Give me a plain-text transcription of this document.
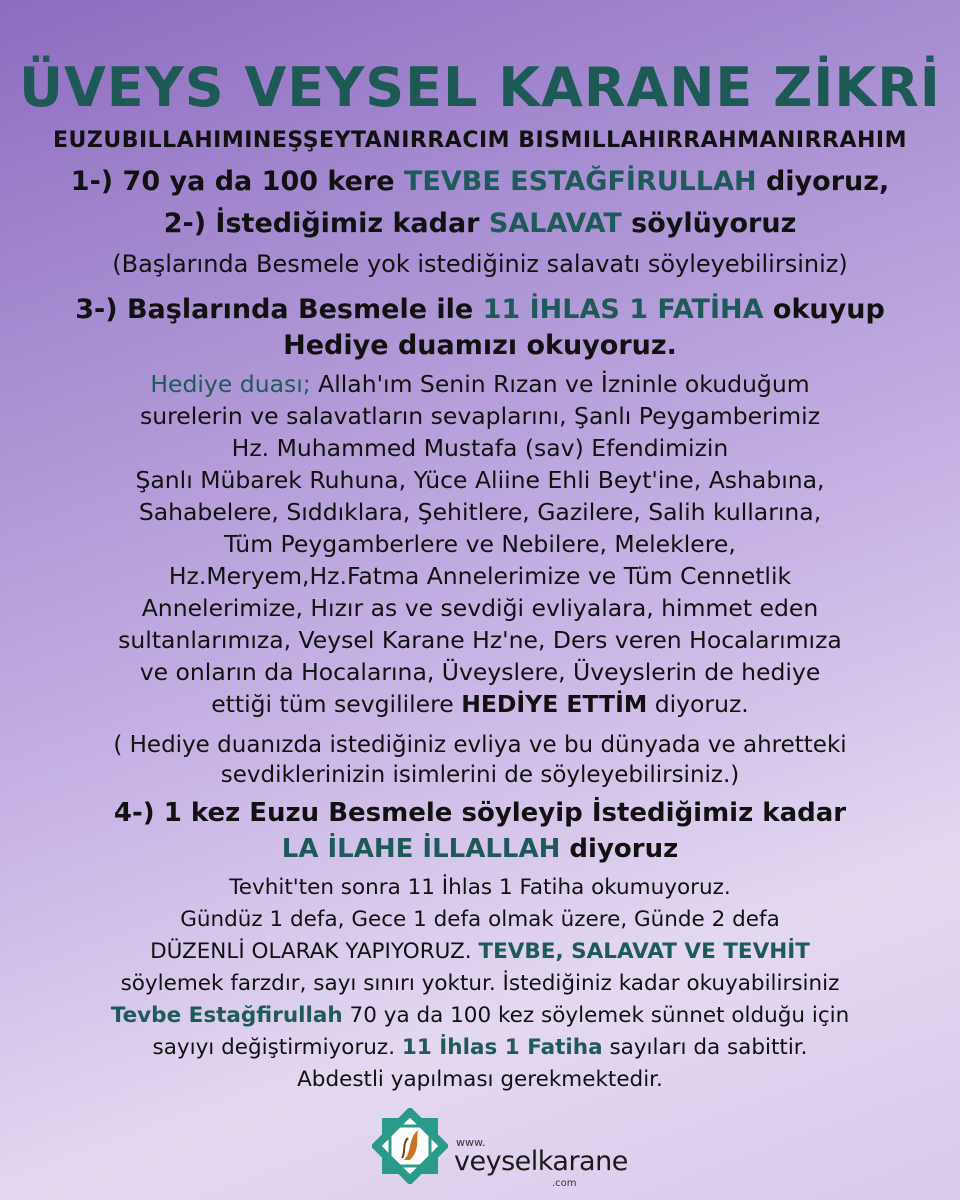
ÜVEYS VEYSEL KARANE ZİKRİ

EUZUBILLAHIMINEŞŞEYTANIRRACIM BISMILLAHIRRAHMANIRRAHIM

1-) 70 ya da 100 kere TEVBE ESTAĞFİRULLAH diyoruz,

2-) İstediğimiz kadar SALAVAT söylüyoruz

(Başlarında Besmele yok istediğiniz salavatı söyleyebilirsiniz)

3-) Başlarında Besmele ile 11 İHLAS 1 FATİHA okuyup

Hediye duamızı okuyoruz.

Hediye duası; Allah'ım Senin Rızan ve İzninle okuduğum
surelerin ve salavatların sevaplarını, Şanlı Peygamberimiz
Hz. Muhammed Mustafa (sav) Efendimizin
Şanlı Mübarek Ruhuna, Yüce Aliine Ehli Beyt'ine, Ashabına,
Sahabelere, Sıddıklara, Şehitlere, Gazilere, Salih kullarına,
Tüm Peygamberlere ve Nebilere, Meleklere,
Hz.Meryem,Hz.Fatma Annelerimize ve Tüm Cennetlik
Annelerimize, Hızır as ve sevdiği evliyalara, himmet eden
sultanlarımıza, Veysel Karane Hz'ne, Ders veren Hocalarımıza
ve onların da Hocalarına, Üveyslere, Üveyslerin de hediye
ettiği tüm sevgililere HEDİYE ETTİM diyoruz.
( Hediye duanızda istediğiniz evliya ve bu dünyada ve ahretteki
sevdiklerinizin isimlerini de söyleyebilirsiniz.)

4-) 1 kez Euzu Besmele söyleyip İstediğimiz kadar

LA İLAHE İLLALLAH diyoruz

Tevhit'ten sonra 11 İhlas 1 Fatiha okumuyoruz.
Gündüz 1 defa, Gece 1 defa olmak üzere, Günde 2 defa
DÜZENLİ OLARAK YAPIYORUZ. TEVBE, SALAVAT VE TEVHİT
söylemek farzdır, sayı sınırı yoktur. İstediğiniz kadar okuyabilirsiniz
Tevbe Estağfirullah 70 ya da 100 kez söylemek sünnet olduğu için
sayıyı değiştirmiyoruz. 11 İhlas 1 Fatiha sayıları da sabittir.
Abdestli yapılması gerekmektedir.
www.
veyselkarane
.com
